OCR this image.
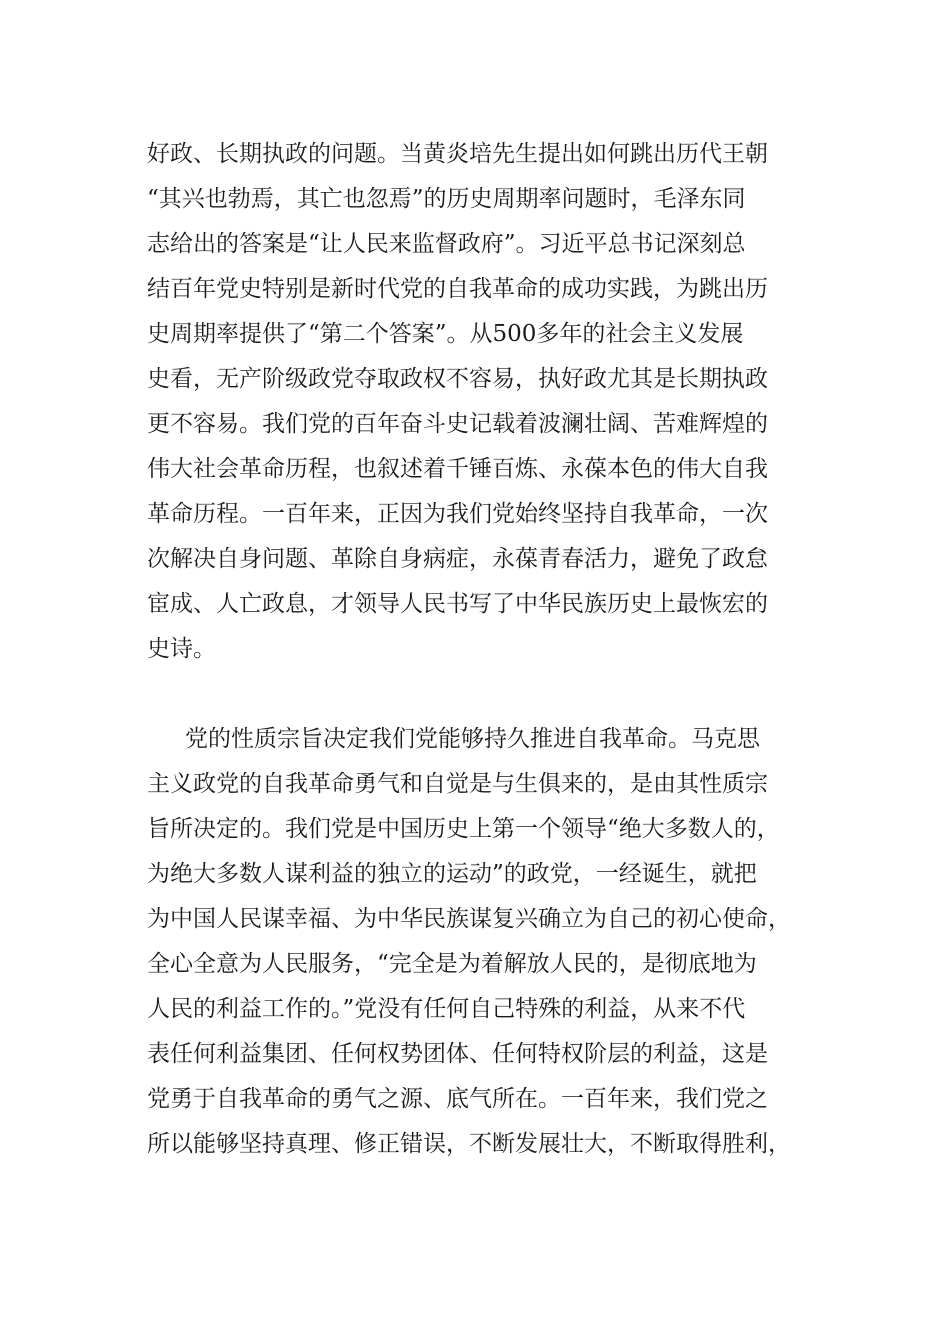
好政、长期执政的问题。当黄炎培先生提出如何跳出历代王朝
“其兴也勃焉，其亡也忽焉”的历史周期率问题时，毛泽东同
志给出的答案是“让人民来监督政府”。习近平总书记深刻总
结百年党史特别是新时代党的自我革命的成功实践，为跳出历
史周期率提供了“第二个答案”。从500多年的社会主义发展
史看，无产阶级政党夺取政权不容易，执好政尤其是长期执政
更不容易。我们党的百年奋斗史记载着波澜壮阔、苦难辉煌的
伟大社会革命历程，也叙述着千锤百炼、永葆本色的伟大自我
革命历程。一百年来，正因为我们党始终坚持自我革命，一次
次解决自身问题、革除自身病症，永葆青春活力，避免了政怠
宦成、人亡政息，才领导人民书写了中华民族历史上最恢宏的
史诗。
党的性质宗旨决定我们党能够持久推进自我革命。马克思
主义政党的自我革命勇气和自觉是与生俱来的，是由其性质宗
旨所决定的。我们党是中国历史上第一个领导“绝大多数人的，
为绝大多数人谋利益的独立的运动”的政党，一经诞生，就把
为中国人民谋幸福、为中华民族谋复兴确立为自己的初心使命，
全心全意为人民服务，“完全是为着解放人民的，是彻底地为
人民的利益工作的。”党没有任何自己特殊的利益，从来不代
表任何利益集团、任何权势团体、任何特权阶层的利益，这是
党勇于自我革命的勇气之源、底气所在。一百年来，我们党之
所以能够坚持真理、修正错误，不断发展壮大，不断取得胜利，
